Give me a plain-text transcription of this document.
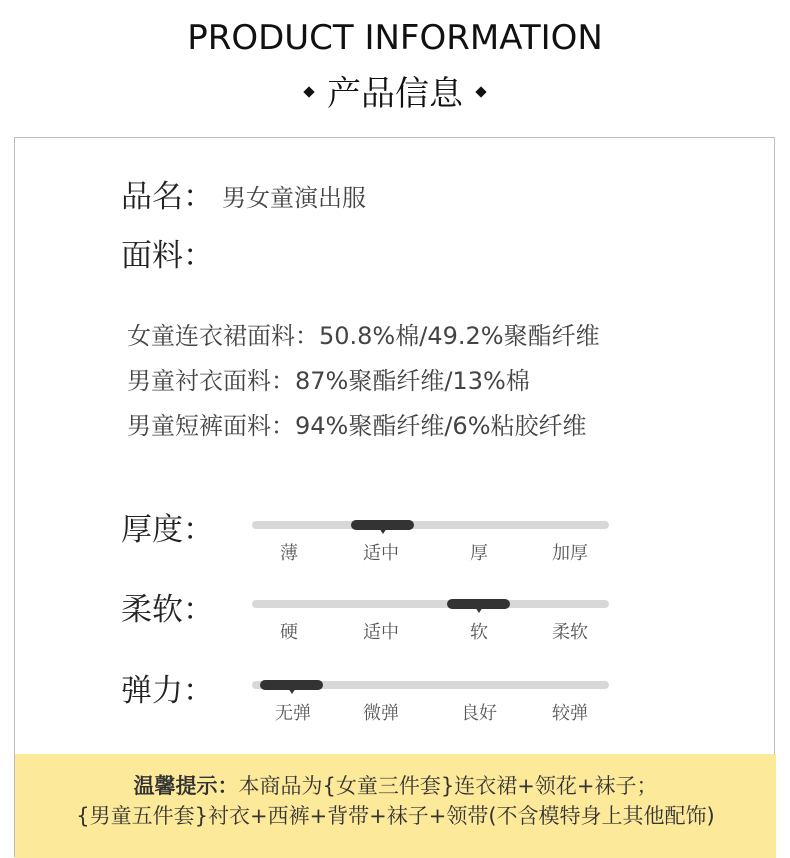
PRODUCT INFORMATION
产品信息
品名： 男女童演出服
面料：
女童连衣裙面料：50.8%棉/49.2%聚酯纤维
男童衬衣面料：87%聚酯纤维/13%棉
男童短裤面料：94%聚酯纤维/6%粘胶纤维
厚度：
薄	适中	厚	加厚
柔软：
硬	适中	软	柔软
弹力：
无弹	微弹	良好	较弹
温馨提示：本商品为{女童三件套}连衣裙+领花+袜子；
{男童五件套}衬衣+西裤+背带+袜子+领带(不含模特身上其他配饰)
